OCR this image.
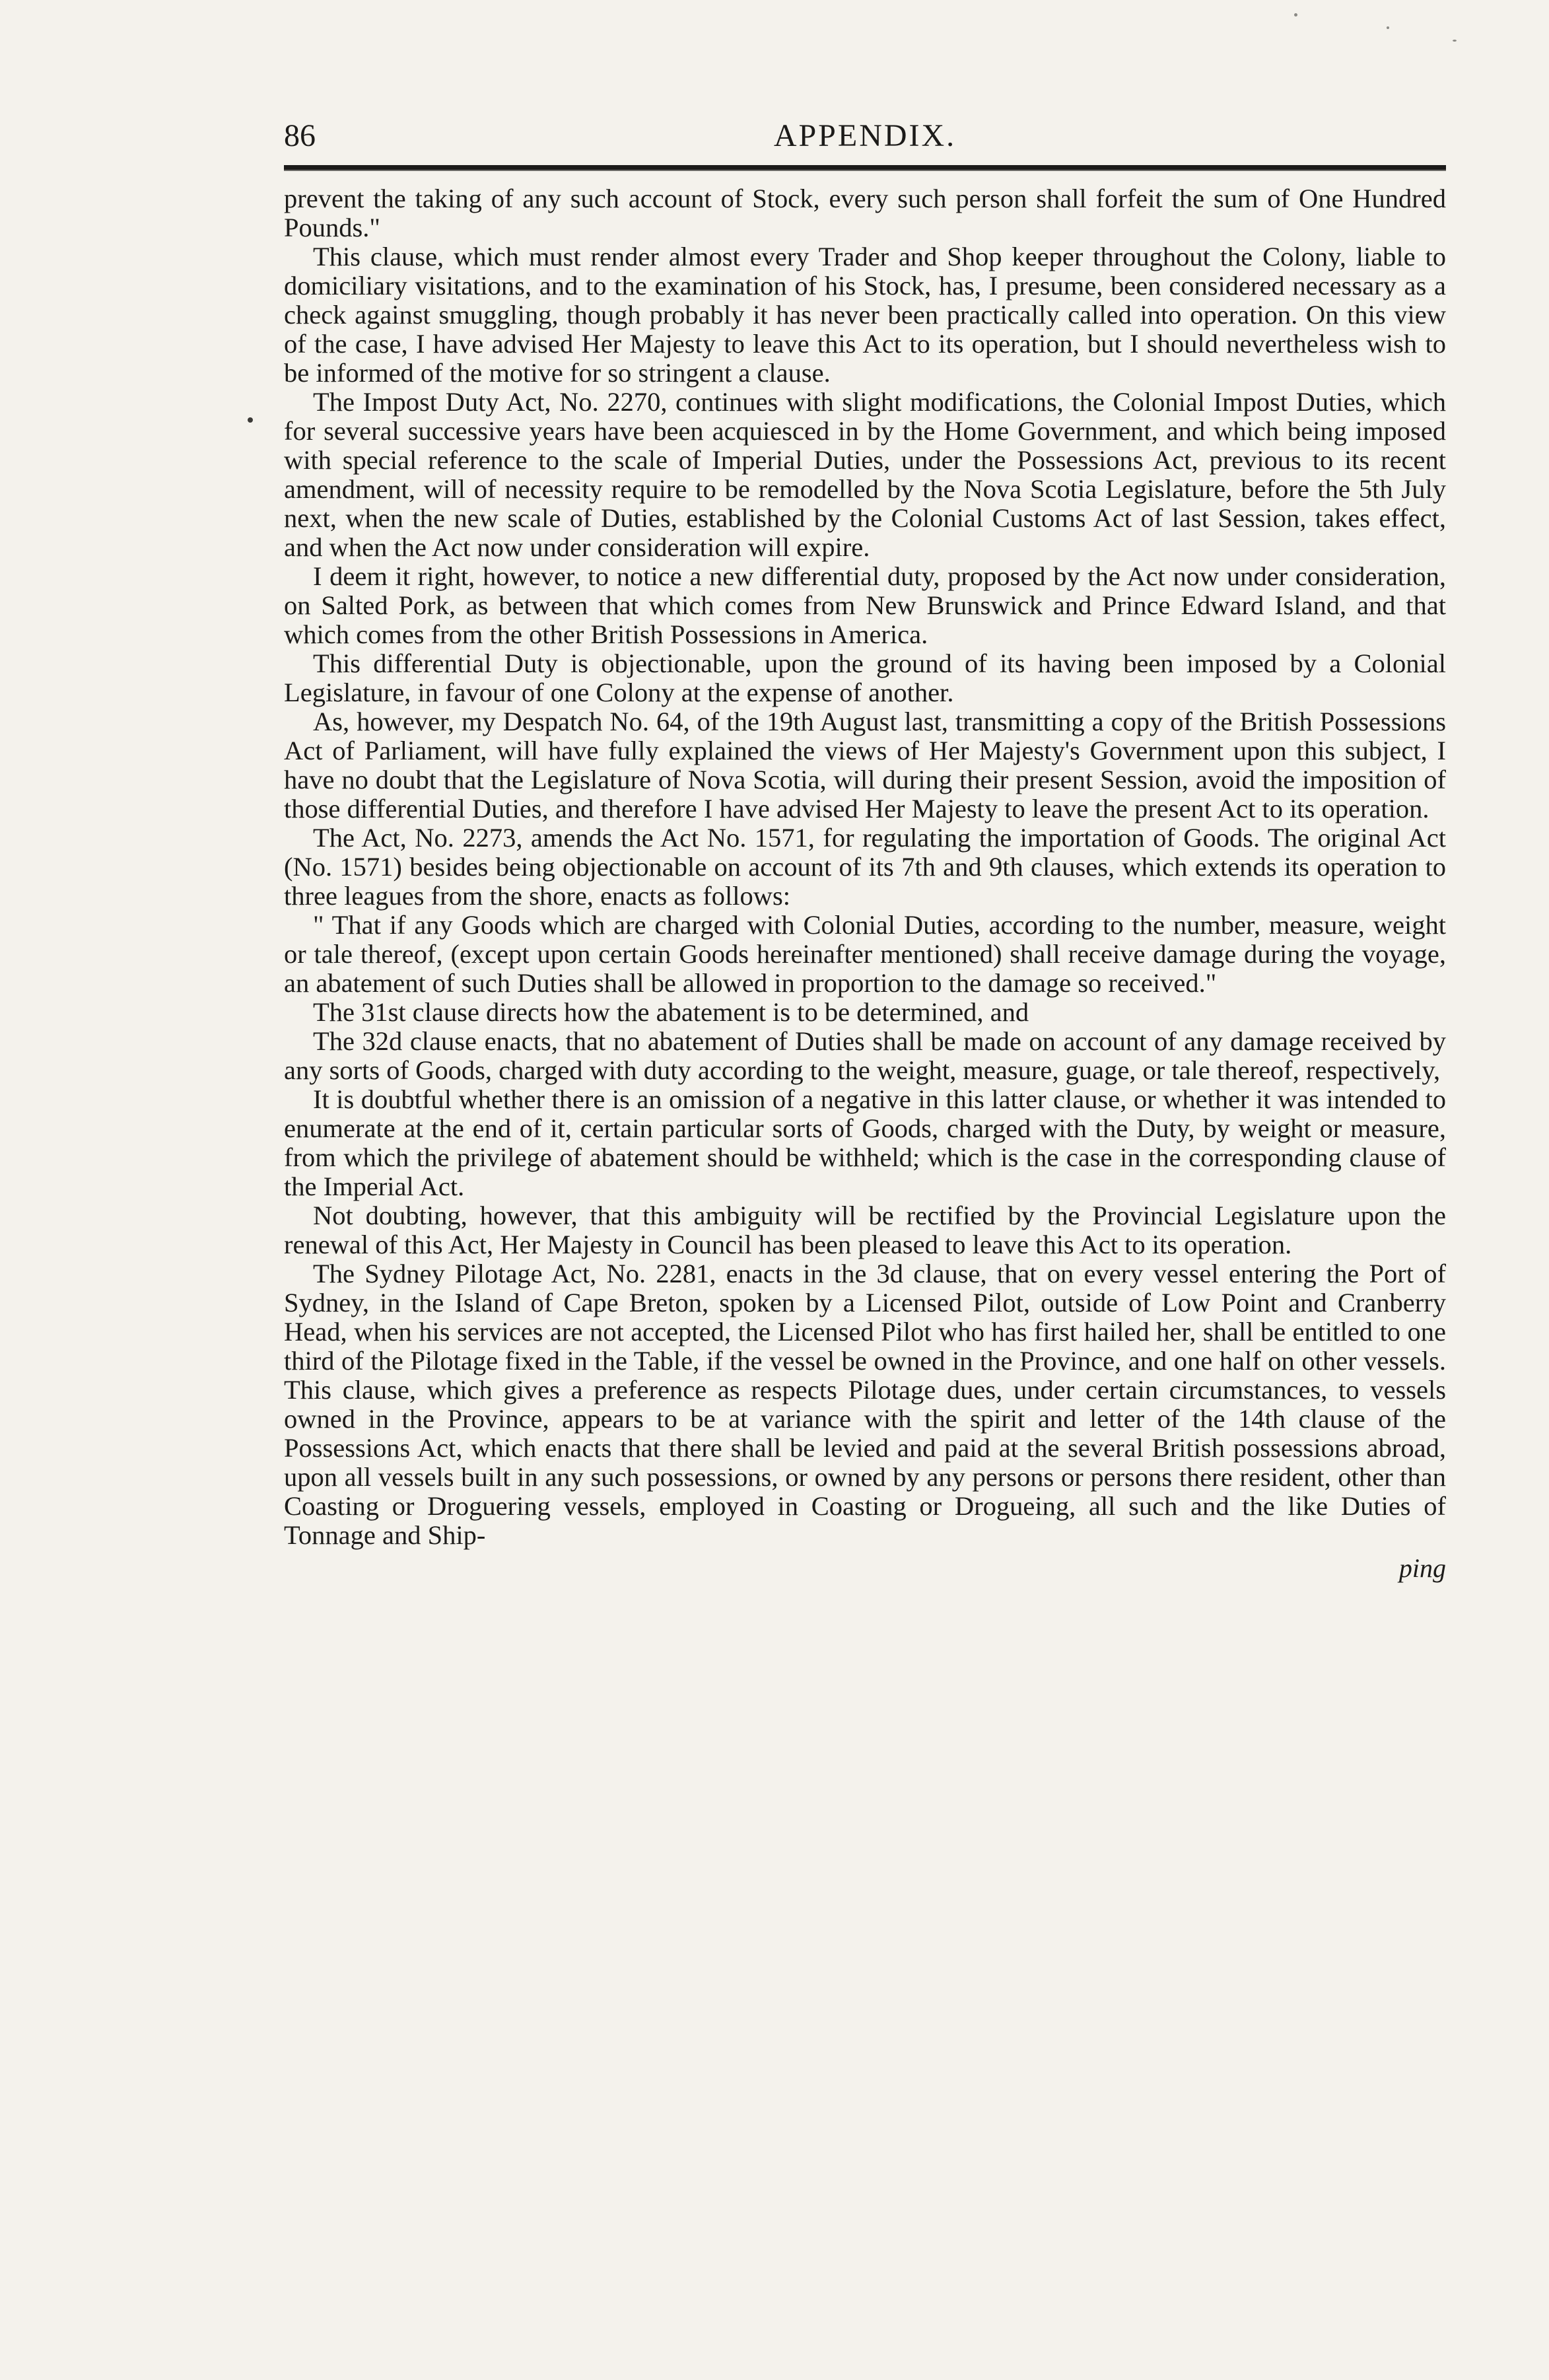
86	APPENDIX.

prevent the taking of any such account of Stock, every such person shall forfeit the sum of One Hundred Pounds."

This clause, which must render almost every Trader and Shop keeper throughout the Colony, liable to domiciliary visitations, and to the examination of his Stock, has, I presume, been considered necessary as a check against smuggling, though probably it has never been practically called into operation. On this view of the case, I have advised Her Majesty to leave this Act to its operation, but I should nevertheless wish to be informed of the motive for so stringent a clause.

The Impost Duty Act, No. 2270, continues with slight modifications, the Colonial Impost Duties, which for several successive years have been acquiesced in by the Home Government, and which being imposed with special reference to the scale of Imperial Duties, under the Possessions Act, previous to its recent amendment, will of necessity require to be remodelled by the Nova Scotia Legislature, before the 5th July next, when the new scale of Duties, established by the Colonial Customs Act of last Session, takes effect, and when the Act now under consideration will expire.

I deem it right, however, to notice a new differential duty, proposed by the Act now under consideration, on Salted Pork, as between that which comes from New Brunswick and Prince Edward Island, and that which comes from the other British Possessions in America.

This differential Duty is objectionable, upon the ground of its having been imposed by a Colonial Legislature, in favour of one Colony at the expense of another.

As, however, my Despatch No. 64, of the 19th August last, transmitting a copy of the British Possessions Act of Parliament, will have fully explained the views of Her Majesty's Government upon this subject, I have no doubt that the Legislature of Nova Scotia, will during their present Session, avoid the imposition of those differential Duties, and therefore I have advised Her Majesty to leave the present Act to its operation.

The Act, No. 2273, amends the Act No. 1571, for regulating the importation of Goods. The original Act (No. 1571) besides being objectionable on account of its 7th and 9th clauses, which extends its operation to three leagues from the shore, enacts as follows:

" That if any Goods which are charged with Colonial Duties, according to the number, measure, weight or tale thereof, (except upon certain Goods hereinafter mentioned) shall receive damage during the voyage, an abatement of such Duties shall be allowed in proportion to the damage so received."

The 31st clause directs how the abatement is to be determined, and

The 32d clause enacts, that no abatement of Duties shall be made on account of any damage received by any sorts of Goods, charged with duty according to the weight, measure, guage, or tale thereof, respectively,

It is doubtful whether there is an omission of a negative in this latter clause, or whether it was intended to enumerate at the end of it, certain particular sorts of Goods, charged with the Duty, by weight or measure, from which the privilege of abatement should be withheld; which is the case in the corresponding clause of the Imperial Act.

Not doubting, however, that this ambiguity will be rectified by the Provincial Legislature upon the renewal of this Act, Her Majesty in Council has been pleased to leave this Act to its operation.

The Sydney Pilotage Act, No. 2281, enacts in the 3d clause, that on every vessel entering the Port of Sydney, in the Island of Cape Breton, spoken by a Licensed Pilot, outside of Low Point and Cranberry Head, when his services are not accepted, the Licensed Pilot who has first hailed her, shall be entitled to one third of the Pilotage fixed in the Table, if the vessel be owned in the Province, and one half on other vessels. This clause, which gives a preference as respects Pilotage dues, under certain circumstances, to vessels owned in the Province, appears to be at variance with the spirit and letter of the 14th clause of the Possessions Act, which enacts that there shall be levied and paid at the several British possessions abroad, upon all vessels built in any such possessions, or owned by any persons or persons there resident, other than Coasting or Droguering vessels, employed in Coasting or Drogueing, all such and the like Duties of Tonnage and Ship-

ping
